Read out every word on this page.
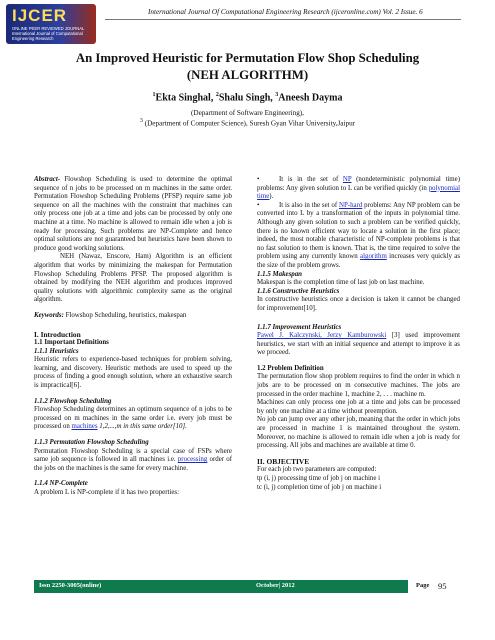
IJCER
ONLINE PEER REVIEWED JOURNAL
International Journal of Computational
Engineering Research
International Journal Of Computational Engineering Research (ijceronline.com) Vol. 2 Issue. 6
An Improved Heuristic for Permutation Flow Shop Scheduling
(NEH ALGORITHM)
$^1$Ekta Singhal, $^2$Shalu Singh, $^3$Aneesh Dayma
(Department of Software Engineering),
$^3$ (Department of Computer Science), Suresh Gyan Vihar University,Jaipur

Abstract- Flowshop Scheduling is used to determine the optimal sequence of n jobs to be processed on m machines in the same order. Permutation Flowshop Scheduling Problems (PFSP) require same job sequence on all the machines with the constraint that machines can only process one job at a time and jobs can be processed by only one machine at a time. No machine is allowed to remain idle when a job is ready for processing. Such problems are NP-Complete and hence optimal solutions are not guaranteed but heuristics have been shown to produce good working solutions.

NEH (Nawaz, Enscore, Ham) Algorithm is an efficient algorithm that works by minimizing the makespan for Permutation Flowshop Scheduling Problems PFSP. The proposed algorithm is obtained by modifying the NEH algorithm and produces improved quality solutions with algorithmic complexity same as the original algorithm.

Keywords: Flowshop Scheduling, heuristics, makespan

I. Introduction

1.1 Important Definitions

1.1.1 Heuristics

Heuristic refers to experience-based techniques for problem solving, learning, and discovery. Heuristic methods are used to speed up the process of finding a good enough solution, where an exhaustive search is impractical[6].

1.1.2 Flowshop Scheduling

Flowshop Scheduling determines an optimum sequence of n jobs to be processed on m machines in the same order i.e. every job must be processed on machines 1,2,...,m in this same order[10].

1.1.3 Permutation Flowshop Scheduling

Permutation Flowshop Scheduling is a special case of FSPs where same job sequence is followed in all machines i.e. processing order of the jobs on the machines is the same for every machine.

1.1.4 NP-Complete

A problem L is NP-complete if it has two properties:

• It is in the set of NP (nondeterministic polynomial time) problems: Any given solution to L can be verified quickly (in polynomial time).

• It is also in the set of NP-hard problems: Any NP problem can be converted into L by a transformation of the inputs in polynomial time. Although any given solution to such a problem can be verified quickly, there is no known efficient way to locate a solution in the first place; indeed, the most notable characteristic of NP-complete problems is that no fast solution to them is known. That is, the time required to solve the problem using any currently known algorithm increases very quickly as the size of the problem grows.

1.1.5 Makespan

Makespan is the completion time of last job on last machine.

1.1.6 Constructive Heuristics

In constructive heuristics once a decision is taken it cannot be changed for improvement[10].

1.1.7 Improvement Heuristics

Pawel J. Kalczynski, Jerzy Kamburowski [3] used improvement heuristics, we start with an initial sequence and attempt to improve it as we proceed.

1.2 Problem Definition

The permutation flow shop problem requires to find the order in which n jobs are to be processed on m consecutive machines. The jobs are processed in the order machine 1, machine 2, . . . machine m.

Machines can only process one job at a time and jobs can be processed by only one machine at a time without preemption.

No job can jump over any other job, meaning that the order in which jobs are processed in machine 1 is maintained throughout the system. Moreover, no machine is allowed to remain idle when a job is ready for processing. All jobs and machines are available at time 0.

II. OBJECTIVE

For each job two parameters are computed:

tp (i, j) processing time of job j on machine i

tc (i, j) completion time of job j on machine i

Issn 2250-3005(online)	October| 2012	Page 95
